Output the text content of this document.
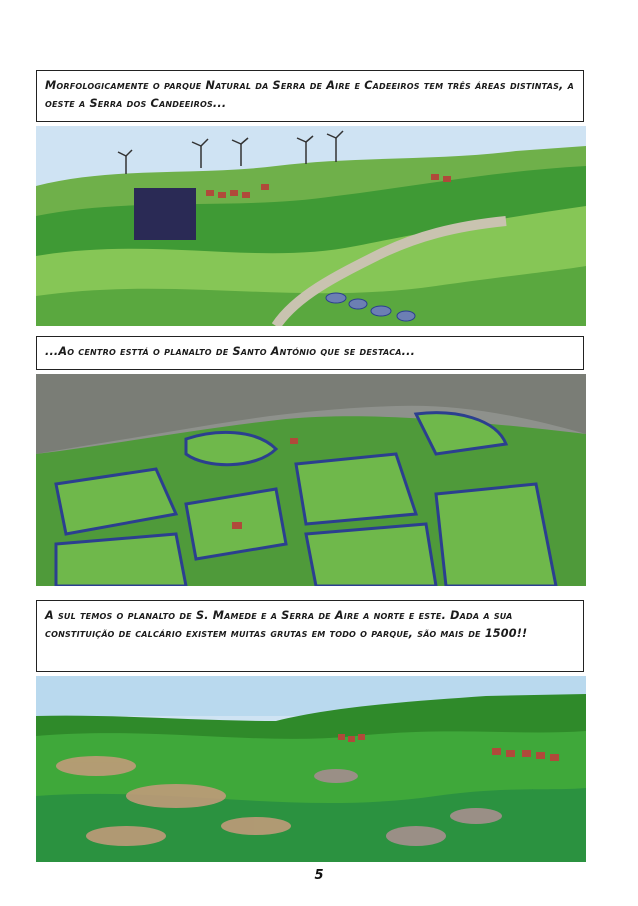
Morfologicamente o parque Natural da Serra de Aire e Cadeeiros tem três áreas distintas, a oeste a Serra dos Candeeiros...
...Ao centro esttá o planalto de Santo António que se destaca...
A sul temos o planalto de S. Mamede e a Serra de Aire a norte e este. Dada a sua constituição de calcário existem muitas grutas em todo o parque, são mais de 1500!!
5
